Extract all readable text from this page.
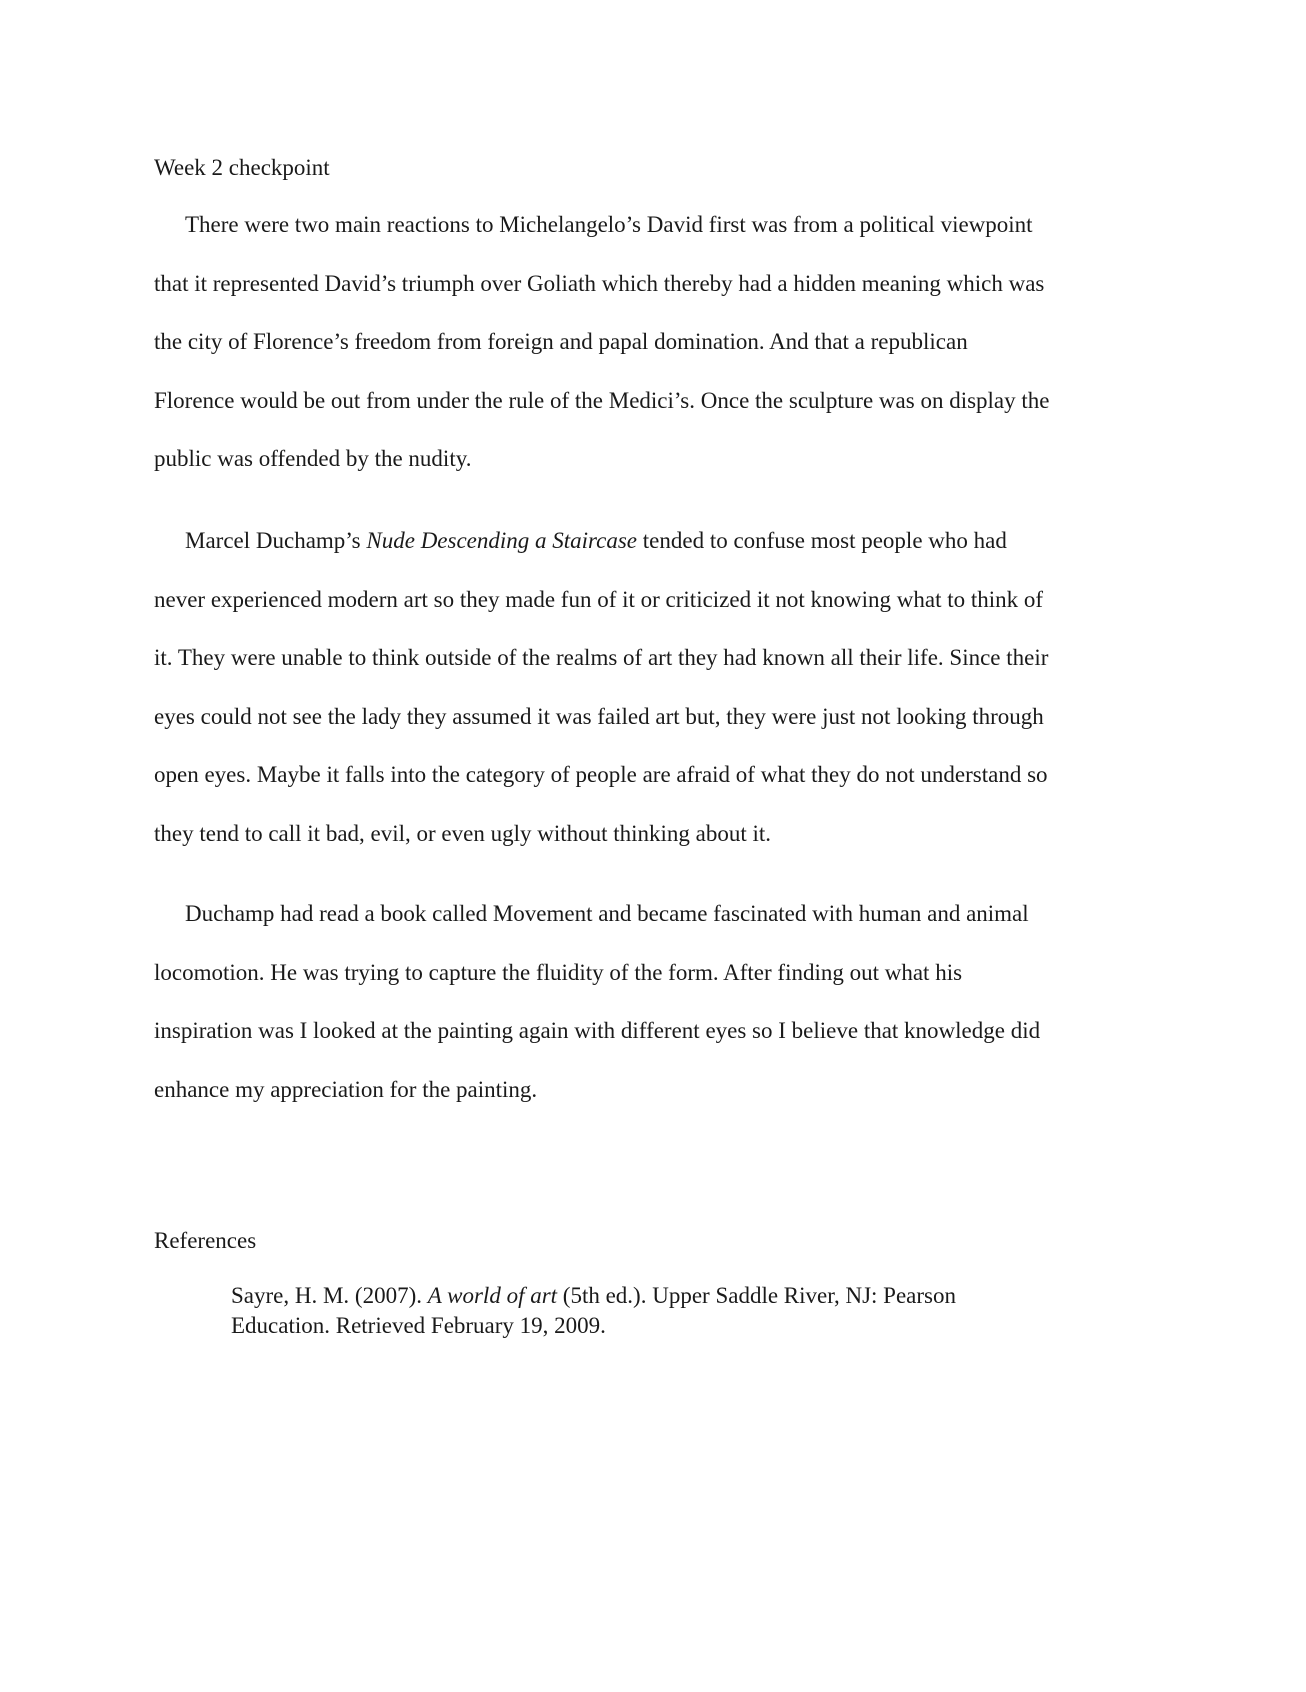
Week 2 checkpoint

There were two main reactions to Michelangelo’s David first was from a political viewpoint
that it represented David’s triumph over Goliath which thereby had a hidden meaning which was
the city of Florence’s freedom from foreign and papal domination. And that a republican
Florence would be out from under the rule of the Medici’s. Once the sculpture was on display the
public was offended by the nudity.

Marcel Duchamp’s Nude Descending a Staircase tended to confuse most people who had
never experienced modern art so they made fun of it or criticized it not knowing what to think of
it. They were unable to think outside of the realms of art they had known all their life. Since their
eyes could not see the lady they assumed it was failed art but, they were just not looking through
open eyes. Maybe it falls into the category of people are afraid of what they do not understand so
they tend to call it bad, evil, or even ugly without thinking about it.

Duchamp had read a book called Movement and became fascinated with human and animal
locomotion. He was trying to capture the fluidity of the form. After finding out what his
inspiration was I looked at the painting again with different eyes so I believe that knowledge did
enhance my appreciation for the painting.

References
Sayre, H. M. (2007). A world of art (5th ed.). Upper Saddle River, NJ: Pearson
Education. Retrieved February 19, 2009.
